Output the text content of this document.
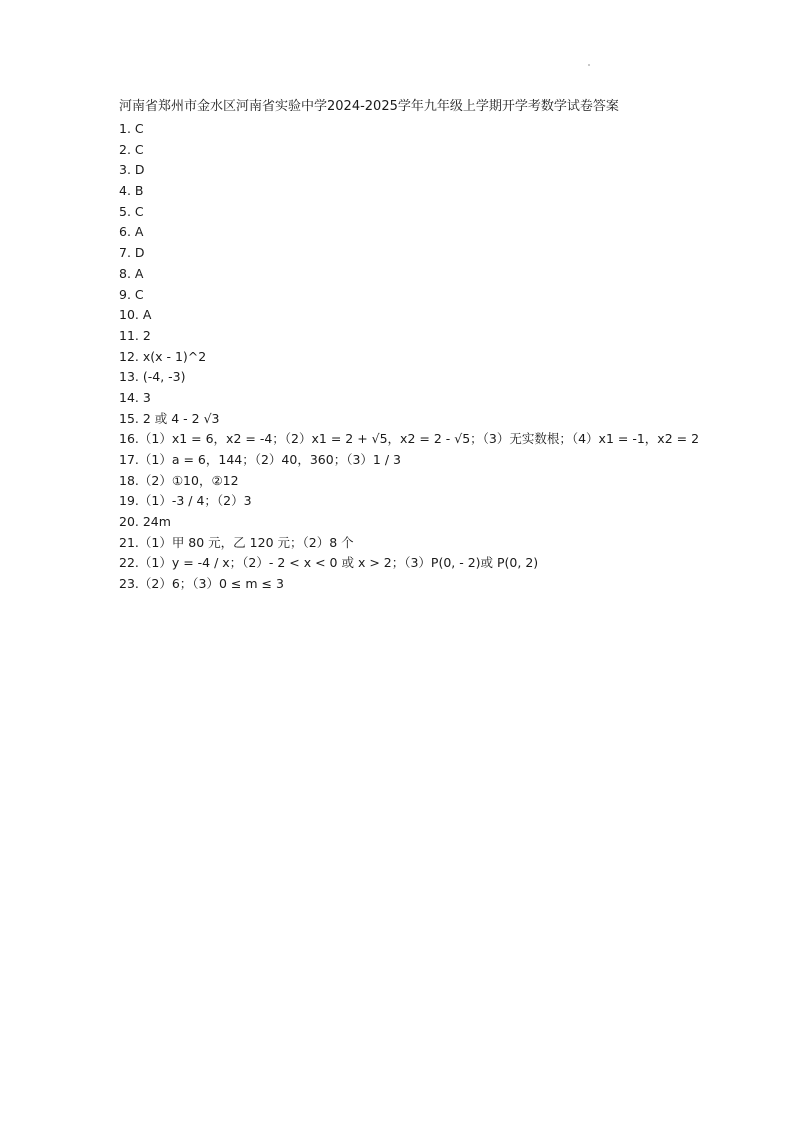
河南省郑州市金水区河南省实验中学2024-2025学年九年级上学期开学考数学试卷答案
1. C
2. C
3. D
4. B
5. C
6. A
7. D
8. A
9. C
10. A
11. 2
12. x(x - 1)^2
13. (-4, -3)
14. 3
15. 2 或 4 - 2 √3
16.（1）x1 = 6，x2 = -4；（2）x1 = 2 + √5，x2 = 2 - √5；（3）无实数根；（4）x1 = -1，x2 = 2
17.（1）a = 6，144；（2）40，360；（3）1 / 3
18.（2）①10，②12
19.（1）-3 / 4；（2）3
20. 24m
21.（1）甲 80 元，乙 120 元；（2）8 个
22.（1）y = -4 / x；（2）- 2 < x < 0 或 x > 2；（3）P(0, - 2)或 P(0, 2)
23.（2）6；（3）0 ≤ m ≤ 3
